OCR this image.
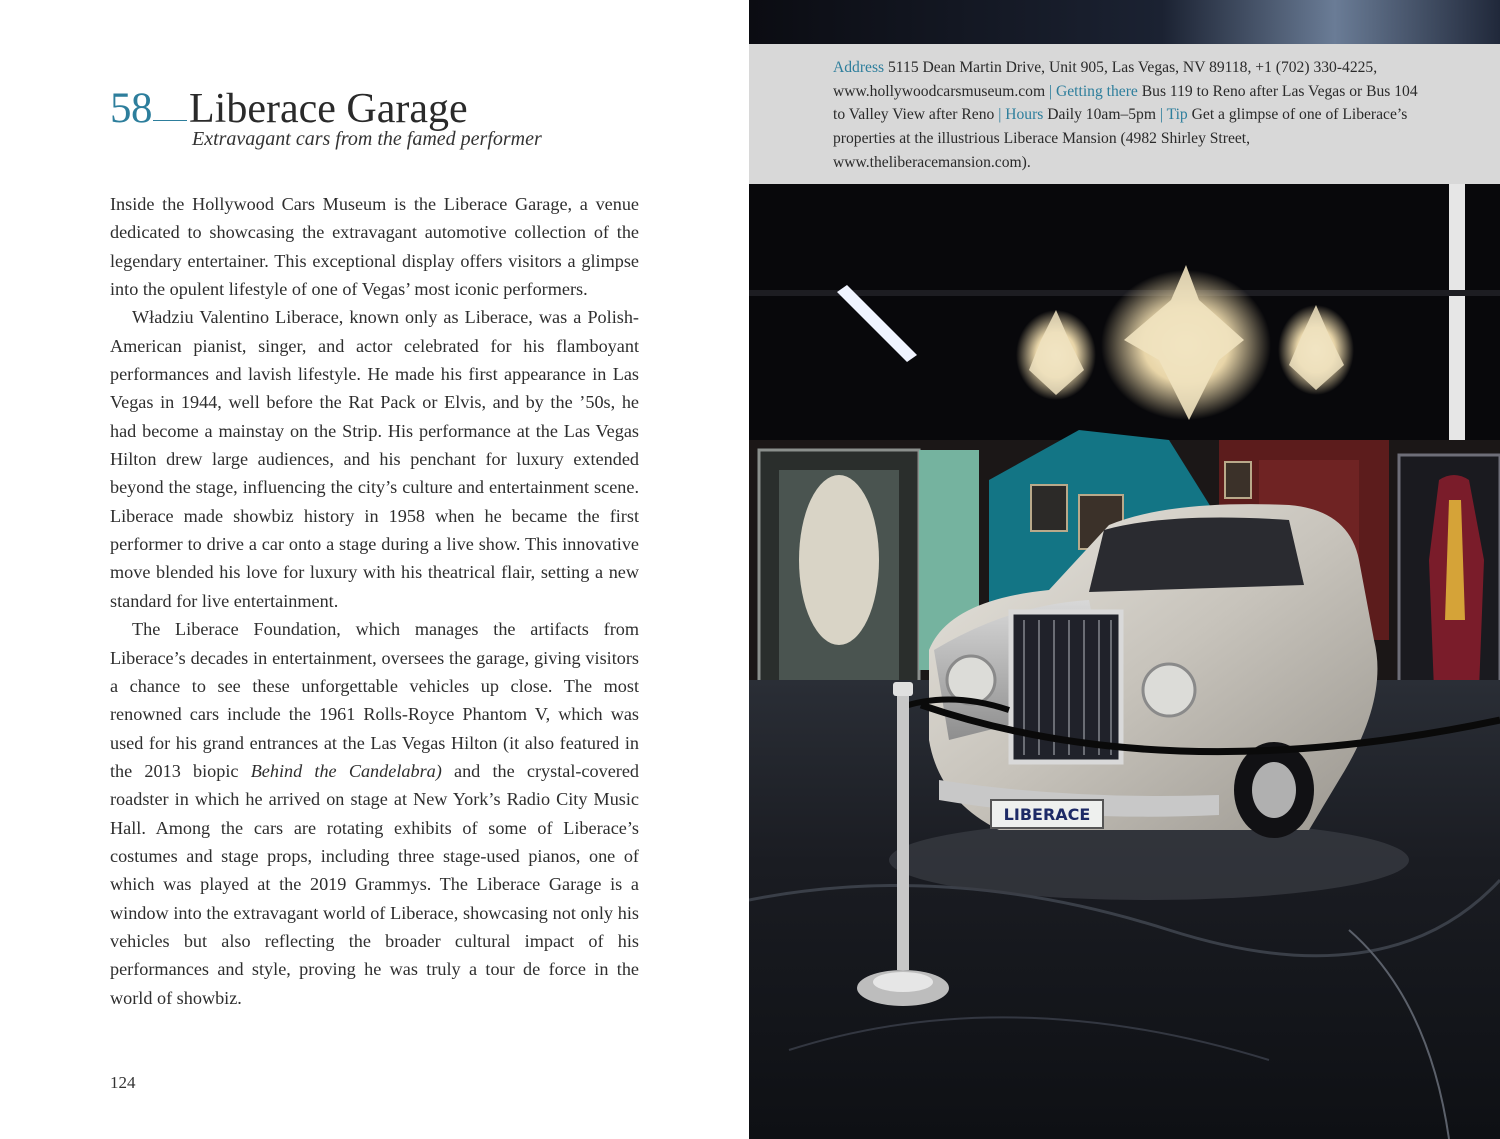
58 Liberace Garage
Extravagant cars from the famed performer

Inside the Hollywood Cars Museum is the Liberace Garage, a venue dedicated to showcasing the extravagant automotive collection of the legendary entertainer. This exceptional display offers visitors a glimpse into the opulent lifestyle of one of Vegas’ most iconic performers.

Władziu Valentino Liberace, known only as Liberace, was a Polish-American pianist, singer, and actor celebrated for his flamboyant performances and lavish lifestyle. He made his first appearance in Las Vegas in 1944, well before the Rat Pack or Elvis, and by the ’50s, he had become a mainstay on the Strip. His performance at the Las Vegas Hilton drew large audiences, and his penchant for luxury extended beyond the stage, influencing the city’s culture and entertainment scene. Liberace made showbiz history in 1958 when he became the first performer to drive a car onto a stage during a live show. This innovative move blended his love for luxury with his theatrical flair, setting a new standard for live entertainment.

The Liberace Foundation, which manages the artifacts from Liberace’s decades in entertainment, oversees the garage, giving visitors a chance to see these unforgettable vehicles up close. The most renowned cars include the 1961 Rolls-Royce Phantom V, which was used for his grand entrances at the Las Vegas Hilton (it also featured in the 2013 biopic Behind the Candelabra) and the crystal-covered roadster in which he arrived on stage at New York’s Radio City Music Hall. Among the cars are rotating exhibits of some of Liberace’s costumes and stage props, including three stage-used pianos, one of which was played at the 2019 Grammys. The Liberace Garage is a window into the extravagant world of Liberace, showcasing not only his vehicles but also reflecting the broader cultural impact of his performances and style, proving he was truly a tour de force in the world of showbiz.

124
LIBERACE
Address 5115 Dean Martin Drive, Unit 905, Las Vegas, NV 89118, +1 (702) 330-4225, www.hollywoodcarsmuseum.com | Getting there Bus 119 to Reno after Las Vegas or Bus 104 to Valley View after Reno | Hours Daily 10am–5pm | Tip Get a glimpse of one of Liberace’s properties at the illustrious Liberace Mansion (4982 Shirley Street, www.theliberacemansion.com).
